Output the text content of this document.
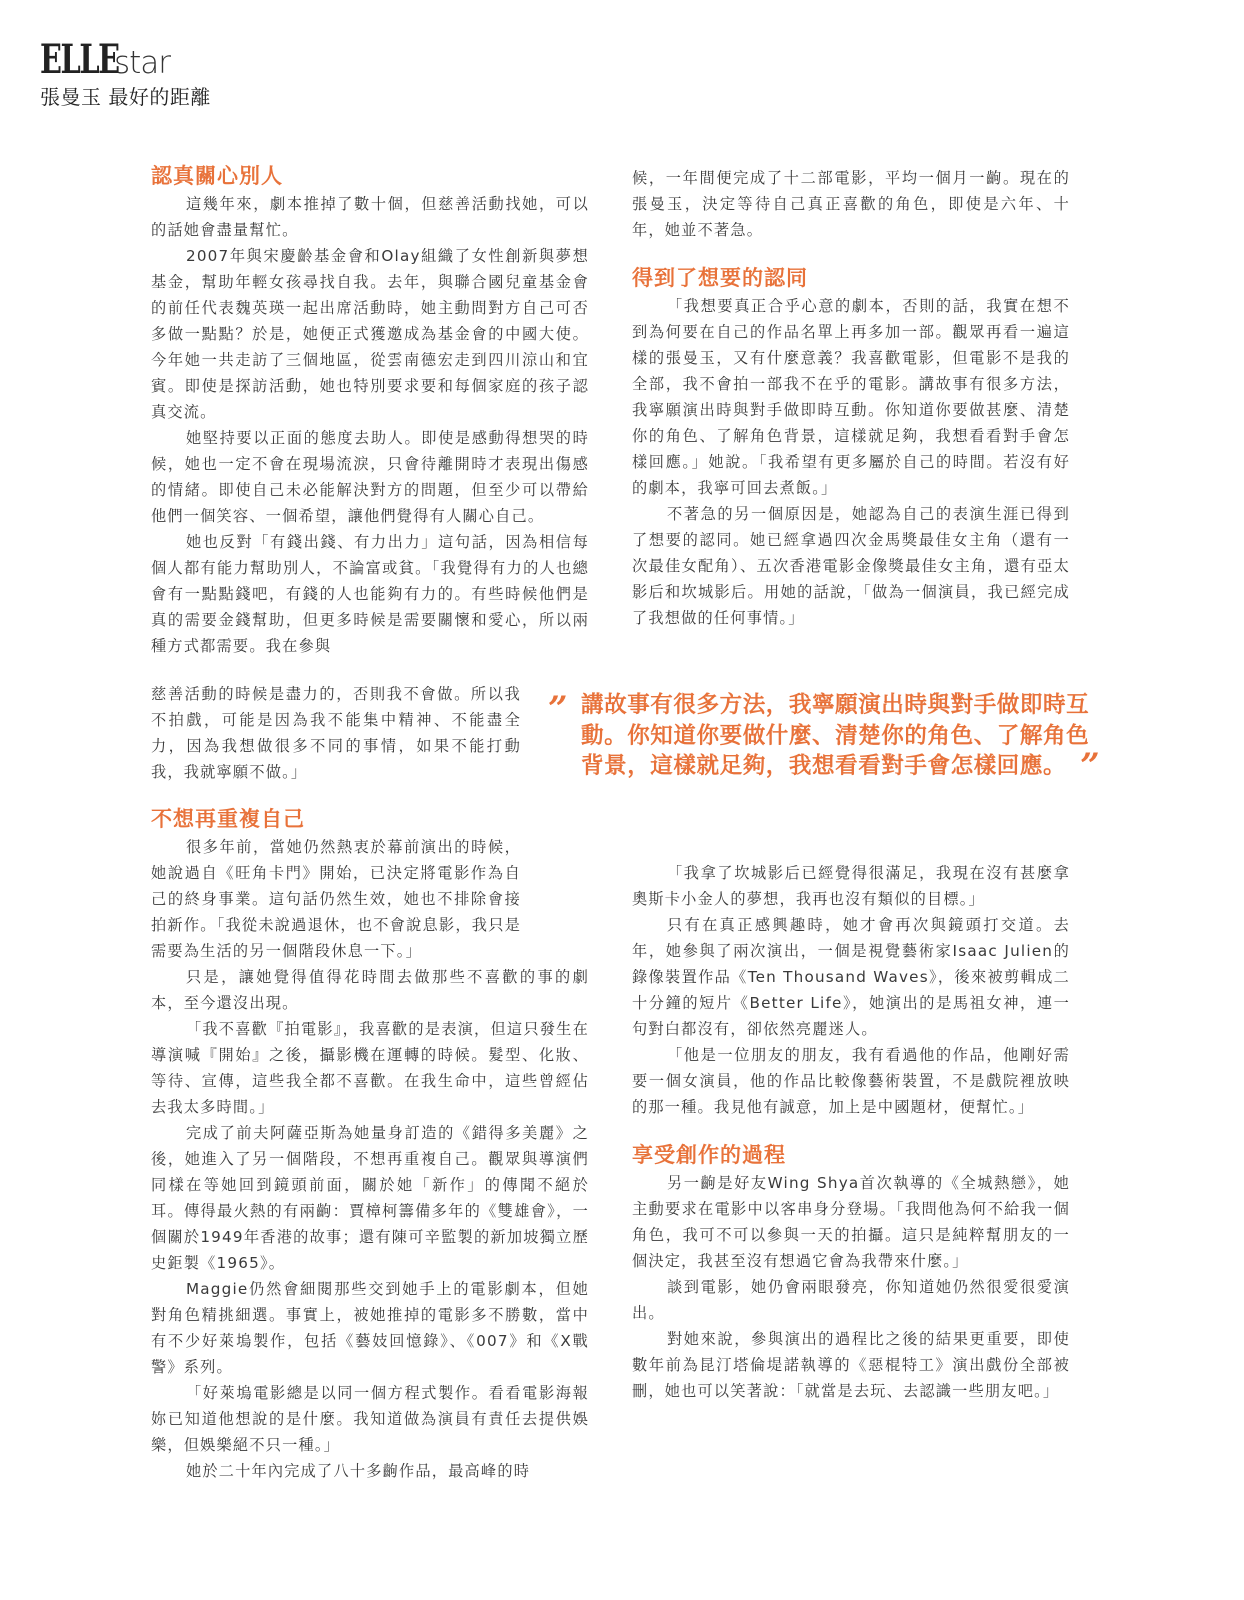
ELLE
star
張曼玉 最好的距離
認真關心別人

這幾年來，劇本推掉了數十個，但慈善活動找她，可以的話她會盡量幫忙。

2007年與宋慶齡基金會和Olay組織了女性創新與夢想基金，幫助年輕女孩尋找自我。去年，與聯合國兒童基金會的前任代表魏英瑛一起出席活動時，她主動問對方自己可否多做一點點？於是，她便正式獲邀成為基金會的中國大使。今年她一共走訪了三個地區，從雲南德宏走到四川涼山和宜賓。即使是探訪活動，她也特別要求要和每個家庭的孩子認真交流。

她堅持要以正面的態度去助人。即使是感動得想哭的時候，她也一定不會在現場流淚，只會待離開時才表現出傷感的情緒。即使自己未必能解決對方的問題，但至少可以帶給他們一個笑容、一個希望，讓他們覺得有人關心自己。

她也反對「有錢出錢、有力出力」這句話，因為相信每個人都有能力幫助別人，不論富或貧。「我覺得有力的人也總會有一點點錢吧，有錢的人也能夠有力的。有些時候他們是真的需要金錢幫助，但更多時候是需要關懷和愛心，所以兩種方式都需要。我在參與

慈善活動的時候是盡力的，否則我不會做。所以我不拍戲，可能是因為我不能集中精神、不能盡全力，因為我想做很多不同的事情，如果不能打動我，我就寧願不做。」

不想再重複自己

很多年前，當她仍然熱衷於幕前演出的時候，她說過自《旺角卡門》開始，已決定將電影作為自己的終身事業。這句話仍然生效，她也不排除會接拍新作。「我從未說過退休，也不會說息影，我只是需要為生活的另一個階段休息一下。」

只是，讓她覺得值得花時間去做那些不喜歡的事的劇本，至今還沒出現。

「我不喜歡『拍電影』，我喜歡的是表演，但這只發生在導演喊『開始』之後，攝影機在運轉的時候。髮型、化妝、等待、宣傳，這些我全都不喜歡。在我生命中，這些曾經佔去我太多時間。」

完成了前夫阿薩亞斯為她量身訂造的《錯得多美麗》之後，她進入了另一個階段，不想再重複自己。觀眾與導演們同樣在等她回到鏡頭前面，關於她「新作」的傳聞不絕於耳。傳得最火熱的有兩齣：賈樟柯籌備多年的《雙雄會》，一個關於1949年香港的故事；還有陳可辛監製的新加坡獨立歷史鉅製《1965》。

Maggie仍然會細閱那些交到她手上的電影劇本，但她對角色精挑細選。事實上，被她推掉的電影多不勝數，當中有不少好萊塢製作，包括《藝妓回憶錄》、《007》和《X戰警》系列。

「好萊塢電影總是以同一個方程式製作。看看電影海報妳已知道他想說的是什麼。我知道做為演員有責任去提供娛樂，但娛樂絕不只一種。」

她於二十年內完成了八十多齣作品，最高峰的時

候，一年間便完成了十二部電影，平均一個月一齣。現在的張曼玉，決定等待自己真正喜歡的角色，即使是六年、十年，她並不著急。

得到了想要的認同

「我想要真正合乎心意的劇本，否則的話，我實在想不到為何要在自己的作品名單上再多加一部。觀眾再看一遍這樣的張曼玉，又有什麼意義？我喜歡電影，但電影不是我的全部，我不會拍一部我不在乎的電影。講故事有很多方法，我寧願演出時與對手做即時互動。你知道你要做甚麼、清楚你的角色、了解角色背景，這樣就足夠，我想看看對手會怎樣回應。」她說。「我希望有更多屬於自己的時間。若沒有好的劇本，我寧可回去煮飯。」

不著急的另一個原因是，她認為自己的表演生涯已得到了想要的認同。她已經拿過四次金馬獎最佳女主角（還有一次最佳女配角）、五次香港電影金像獎最佳女主角，還有亞太影后和坎城影后。用她的話說，「做為一個演員，我已經完成了我想做的任何事情。」

” 講故事有很多方法，我寧願演出時與對手做即時互動。你知道你要做什麼、清楚你的角色、了解角色背景，這樣就足夠，我想看看對手會怎樣回應。 ”

「我拿了坎城影后已經覺得很滿足，我現在沒有甚麼拿奧斯卡小金人的夢想，我再也沒有類似的目標。」

只有在真正感興趣時，她才會再次與鏡頭打交道。去年，她參與了兩次演出，一個是視覺藝術家Isaac Julien的錄像裝置作品《Ten Thousand Waves》，後來被剪輯成二十分鐘的短片《Better Life》，她演出的是馬祖女神，連一句對白都沒有，卻依然亮麗迷人。

「他是一位朋友的朋友，我有看過他的作品，他剛好需要一個女演員，他的作品比較像藝術裝置，不是戲院裡放映的那一種。我見他有誠意，加上是中國題材，便幫忙。」

享受創作的過程

另一齣是好友Wing Shya首次執導的《全城熱戀》，她主動要求在電影中以客串身分登場。「我問他為何不給我一個角色，我可不可以參與一天的拍攝。這只是純粹幫朋友的一個決定，我甚至沒有想過它會為我帶來什麼。」

談到電影，她仍會兩眼發亮，你知道她仍然很愛很愛演出。

對她來說，參與演出的過程比之後的結果更重要，即使數年前為昆汀塔倫堤諾執導的《惡棍特工》演出戲份全部被刪，她也可以笑著說：「就當是去玩、去認識一些朋友吧。」
